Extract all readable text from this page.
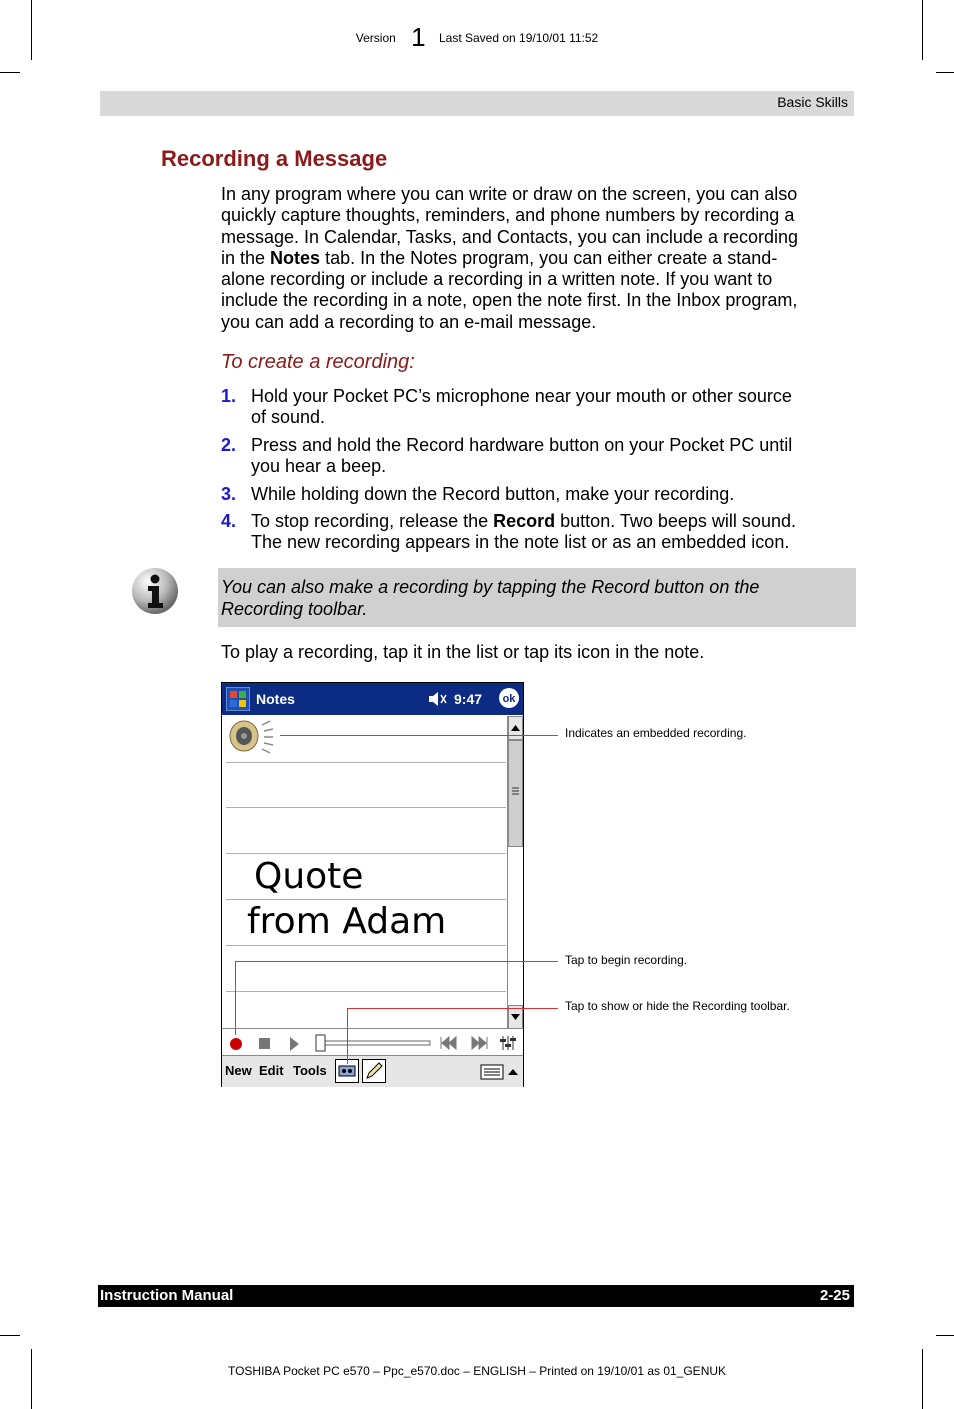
Version 1 Last Saved on 19/10/01 11:52
Basic Skills
Recording a Message
In any program where you can write or draw on the screen, you can also
quickly capture thoughts, reminders, and phone numbers by recording a
message. In Calendar, Tasks, and Contacts, you can include a recording
in the Notes tab. In the Notes program, you can either create a stand-
alone recording or include a recording in a written note. If you want to
include the recording in a note, open the note first. In the Inbox program,
you can add a recording to an e-mail message.
To create a recording:
1. Hold your Pocket PC’s microphone near your mouth or other source
of sound.
2. Press and hold the Record hardware button on your Pocket PC until
you hear a beep.
3. While holding down the Record button, make your recording.
4. To stop recording, release the Record button. Two beeps will sound.
The new recording appears in the note list or as an embedded icon.
You can also make a recording by tapping the Record button on the Recording toolbar.
To play a recording, tap it in the list or tap its icon in the note.
Notes	9:47 ok
Quote
from Adam
New Edit Tools
Indicates an embedded recording.
Tap to begin recording.
Tap to show or hide the Recording toolbar.
Instruction Manual	2-25
TOSHIBA Pocket PC e570 – Ppc_e570.doc – ENGLISH – Printed on 19/10/01 as 01_GENUK
